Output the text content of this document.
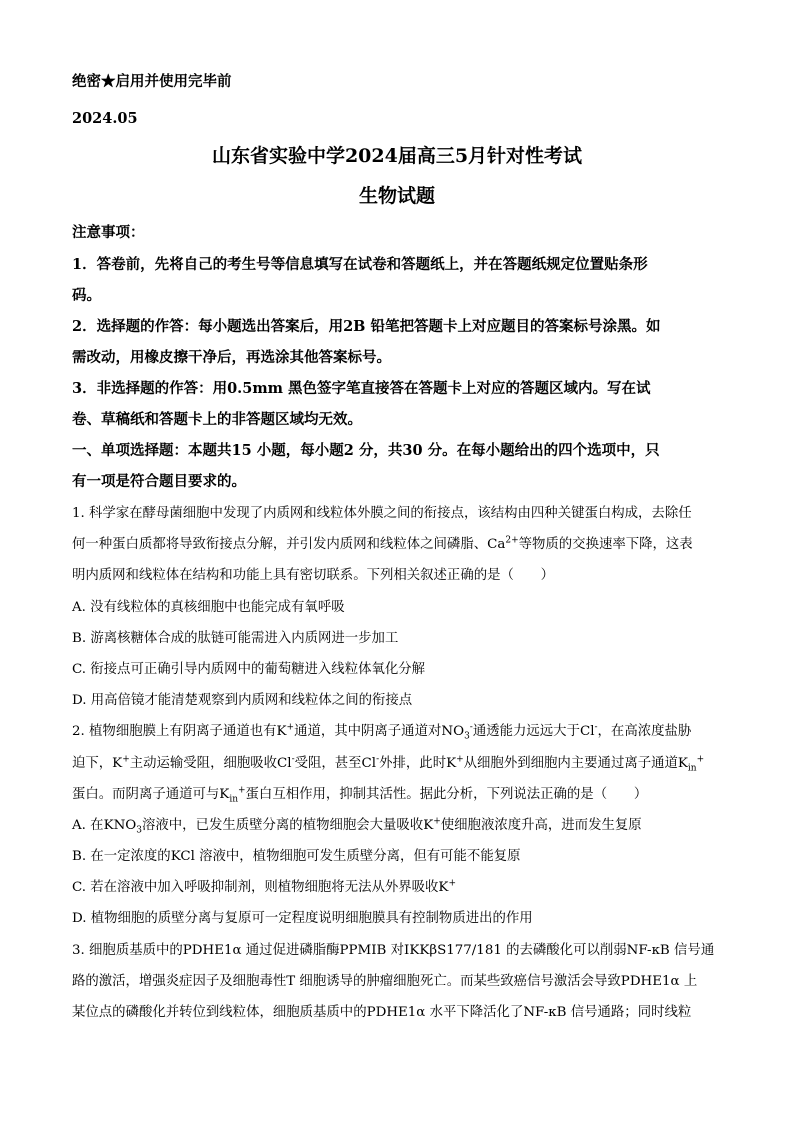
绝密★启用并使用完毕前
2024.05
山东省实验中学2024届高三5月针对性考试
生物试题
注意事项：
1．答卷前，先将自己的考生号等信息填写在试卷和答题纸上，并在答题纸规定位置贴条形
码。
2．选择题的作答：每小题选出答案后，用2B 铅笔把答题卡上对应题目的答案标号涂黑。如
需改动，用橡皮擦干净后，再选涂其他答案标号。
3．非选择题的作答：用0.5mm 黑色签字笔直接答在答题卡上对应的答题区域内。写在试
卷、草稿纸和答题卡上的非答题区域均无效。
一、单项选择题：本题共15 小题，每小题2 分，共30 分。在每小题给出的四个选项中，只
有一项是符合题目要求的。
1. 科学家在酵母菌细胞中发现了内质网和线粒体外膜之间的衔接点，该结构由四种关键蛋白构成，去除任
何一种蛋白质都将导致衔接点分解，并引发内质网和线粒体之间磷脂、$Ca^{2+}$等物质的交换速率下降，这表
明内质网和线粒体在结构和功能上具有密切联系。下列相关叙述正确的是（　　）
A. 没有线粒体的真核细胞中也能完成有氧呼吸
B. 游离核糖体合成的肽链可能需进入内质网进一步加工
C. 衔接点可正确引导内质网中的葡萄糖进入线粒体氧化分解
D. 用高倍镜才能清楚观察到内质网和线粒体之间的衔接点
2. 植物细胞膜上有阴离子通道也有K+通道，其中阴离子通道对$NO_3^-$通透能力远远大于Cl-，在高浓度盐胁
迫下，K+主动运输受阻，细胞吸收Cl-受阻，甚至Cl-外排，此时K+从细胞外到细胞内主要通过离子通道$K_{in}^+$
蛋白。而阴离子通道可与$K_{in}^+$蛋白互相作用，抑制其活性。据此分析，下列说法正确的是（　　）
A. 在$KNO_3$溶液中，已发生质壁分离的植物细胞会大量吸收K+使细胞液浓度升高，进而发生复原
B. 在一定浓度的KCl 溶液中，植物细胞可发生质壁分离，但有可能不能复原
C. 若在溶液中加入呼吸抑制剂，则植物细胞将无法从外界吸收K+
D. 植物细胞的质壁分离与复原可一定程度说明细胞膜具有控制物质进出的作用
3. 细胞质基质中的PDHE1α 通过促进磷脂酶PPMIB 对IKKβS177/181 的去磷酸化可以削弱NF-κB 信号通
路的激活，增强炎症因子及细胞毒性T 细胞诱导的肿瘤细胞死亡。而某些致癌信号激活会导致PDHE1α 上
某位点的磷酸化并转位到线粒体，细胞质基质中的PDHE1α 水平下降活化了NF-κB 信号通路；同时线粒
